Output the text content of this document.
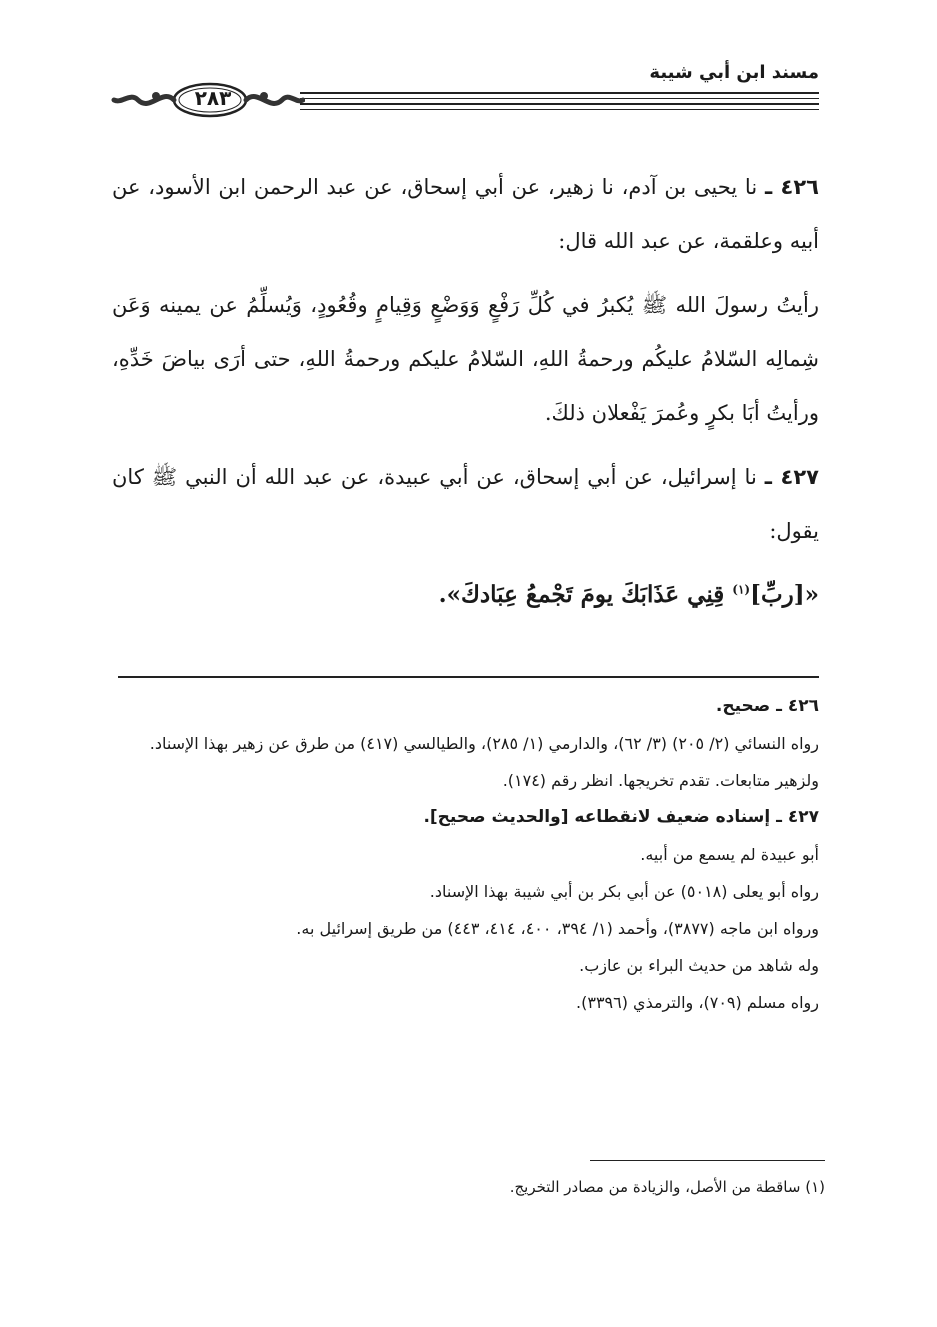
مسند ابن أبي شيبة
٢٨٣

٤٢٦ ـ نا يحيى بن آدم، نا زهير، عن أبي إسحاق، عن عبد الرحمن ابن الأسود، عن أبيه وعلقمة، عن عبد الله قال:

رأيتُ رسولَ الله ﷺ يُكبرُ في كُلِّ رَفْعٍ وَوَضْعٍ وَقِيامٍ وقُعُودٍ، وَيُسلِّمُ عن يمينه وَعَن شِمالِه السّلامُ عليكُم ورحمةُ اللهِ، السّلامُ عليكم ورحمةُ اللهِ، حتى أرَى بياضَ خَدِّهِ، ورأيتُ أبَا بكرٍ وعُمرَ يَفْعلان ذلكَ.

٤٢٧ ـ نا إسرائيل، عن أبي إسحاق، عن أبي عبيدة، عن عبد الله أن النبي ﷺ كان يقول:

«[ربِّ]$^{(١)}$ قِنِي عَذَابَكَ يومَ تَجْمعُ عِبَادكَ».

٤٢٦ ـ صحيح.

رواه النسائي (٢/ ٢٠٥) (٣/ ٦٢)، والدارمي (١/ ٢٨٥)، والطيالسي (٤١٧) من طرق عن زهير بهذا الإسناد.

ولزهير متابعات. تقدم تخريجها. انظر رقم (١٧٤).

٤٢٧ ـ إسناده ضعيف لانقطاعه [والحديث صحيح].

أبو عبيدة لم يسمع من أبيه.

رواه أبو يعلى (٥٠١٨) عن أبي بكر بن أبي شيبة بهذا الإسناد.

ورواه ابن ماجه (٣٨٧٧)، وأحمد (١/ ٣٩٤، ٤٠٠، ٤١٤، ٤٤٣) من طريق إسرائيل به.

وله شاهد من حديث البراء بن عازب.

رواه مسلم (٧٠٩)، والترمذي (٣٣٩٦).

(١) ساقطة من الأصل، والزيادة من مصادر التخريج.
